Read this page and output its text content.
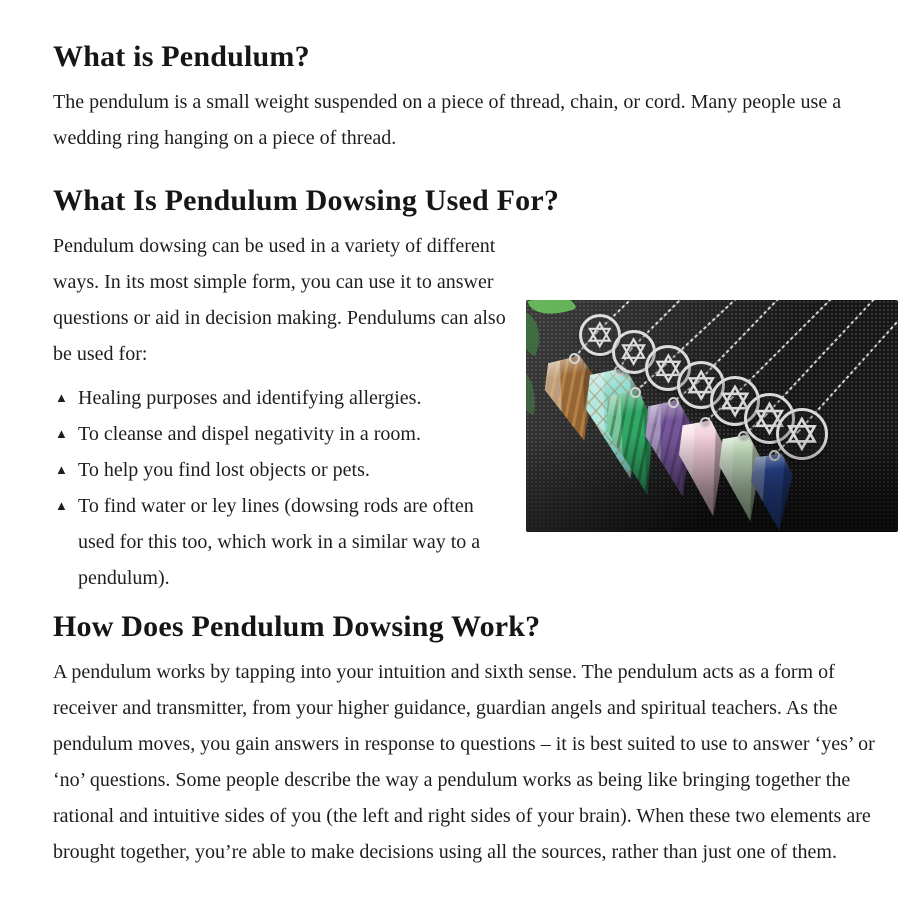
What is Pendulum?

The pendulum is a small weight suspended on a piece of thread, chain, or cord. Many people use a wedding ring hanging on a piece of thread.

What Is Pendulum Dowsing Used For?

Pendulum dowsing can be used in a variety of different ways. In its most simple form, you can use it to answer questions or aid in decision making. Pendulums can also be used for:

▲ Healing purposes and identifying allergies.
▲ To cleanse and dispel negativity in a room.
▲ To help you find lost objects or pets.
▲ To find water or ley lines (dowsing rods are often used for this too, which work in a similar way to a pendulum).
How Does Pendulum Dowsing Work?

A pendulum works by tapping into your intuition and sixth sense. The pendulum acts as a form of receiver and transmitter, from your higher guidance, guardian angels and spiritual teachers. As the pendulum moves, you gain answers in response to questions – it is best suited to use to answer ‘yes’ or ‘no’ questions. Some people describe the way a pendulum works as being like bringing together the rational and intuitive sides of you (the left and right sides of your brain). When these two elements are brought together, you’re able to make decisions using all the sources, rather than just one of them.
